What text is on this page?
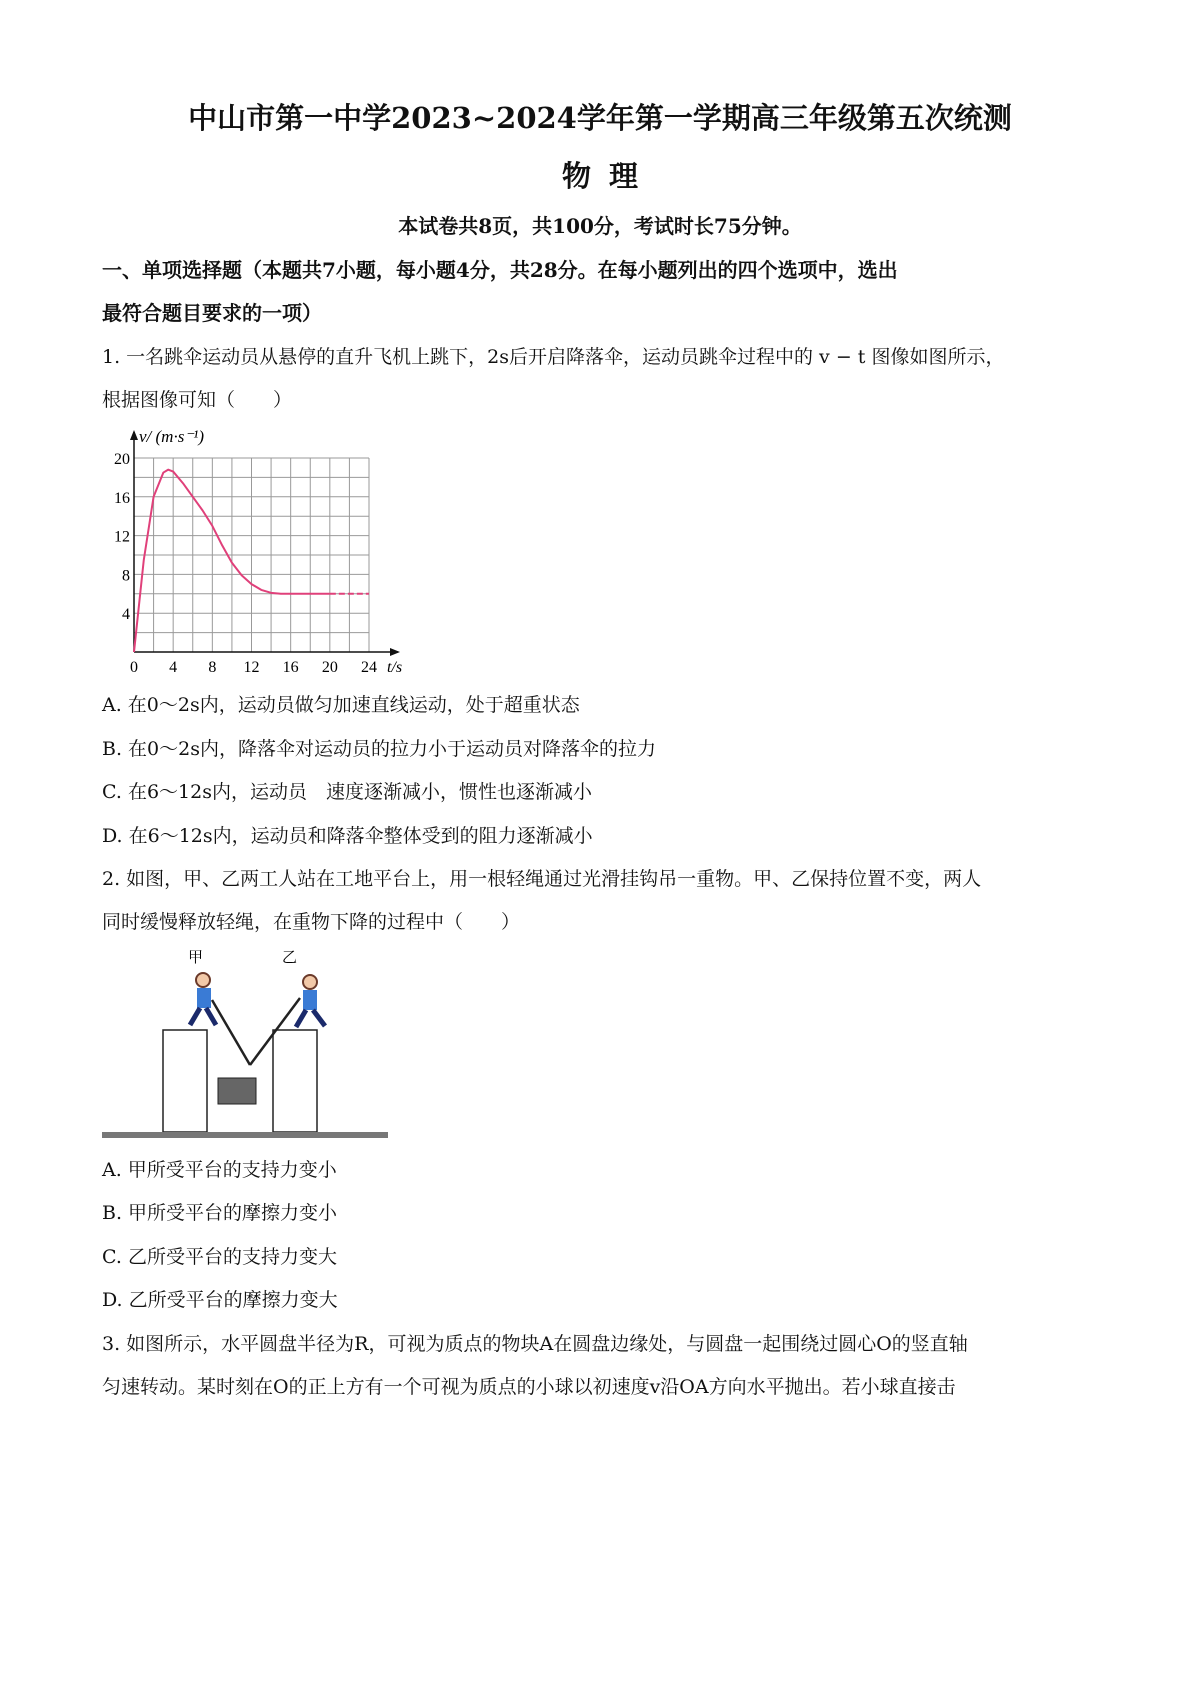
中山市第一中学2023~2024学年第一学期高三年级第五次统测
物 理
本试卷共8页，共100分，考试时长75分钟。
一、单项选择题（本题共7小题，每小题4分，共28分。在每小题列出的四个选项中，选出
最符合题目要求的一项）
1. 一名跳伞运动员从悬停的直升飞机上跳下，2s后开启降落伞，运动员跳伞过程中的 v − t 图像如图所示，
根据图像可知（　　）
0 4 8 12 16 20 24
4
8
12
16
20
v/ (m·s⁻¹)
t/s
A. 在0～2s内，运动员做匀加速直线运动，处于超重状态
B. 在0～2s内，降落伞对运动员的拉力小于运动员对降落伞的拉力
C. 在6～12s内，运动员　速度逐渐减小，惯性也逐渐减小
D. 在6～12s内，运动员和降落伞整体受到的阻力逐渐减小
2. 如图，甲、乙两工人站在工地平台上，用一根轻绳通过光滑挂钩吊一重物。甲、乙保持位置不变，两人
同时缓慢释放轻绳，在重物下降的过程中（　　）
甲	乙
A. 甲所受平台的支持力变小
B. 甲所受平台的摩擦力变小
C. 乙所受平台的支持力变大
D. 乙所受平台的摩擦力变大
3. 如图所示，水平圆盘半径为R，可视为质点的物块A在圆盘边缘处，与圆盘一起围绕过圆心O的竖直轴
匀速转动。某时刻在O的正上方有一个可视为质点的小球以初速度v沿OA方向水平抛出。若小球直接击
